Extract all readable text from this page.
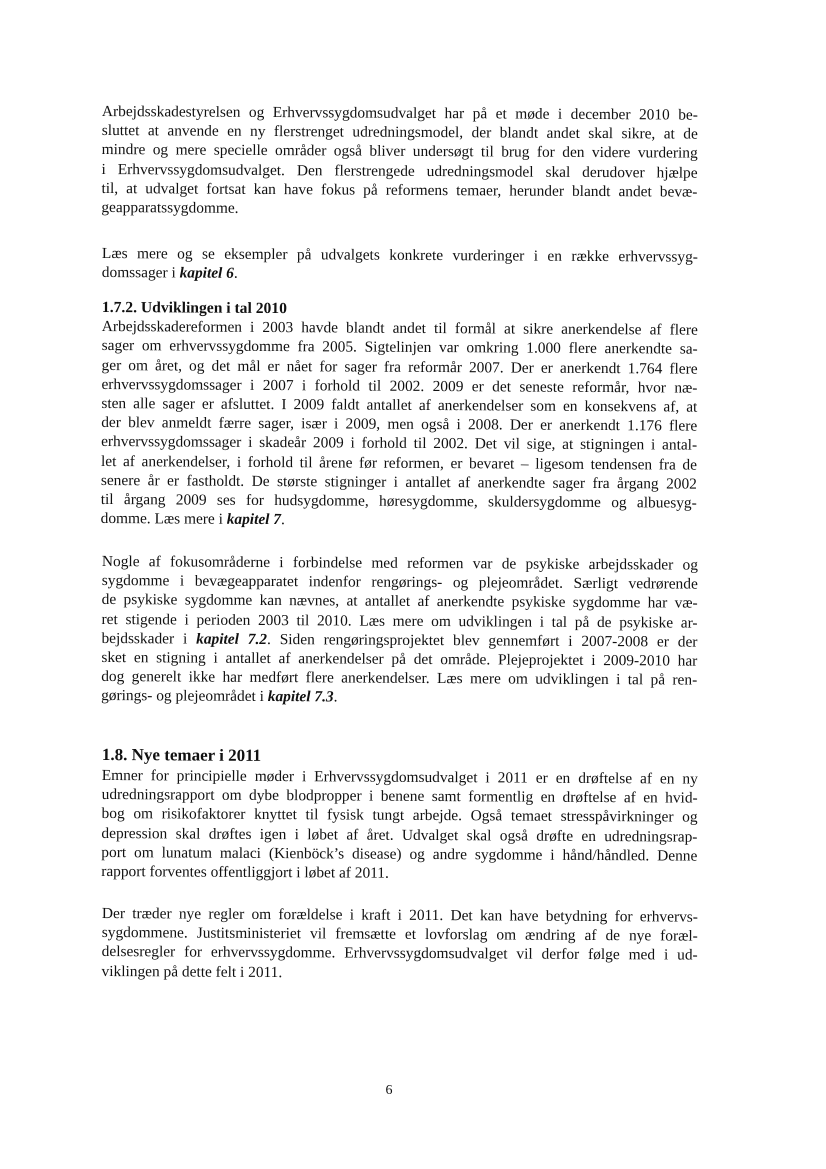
Arbejdsskadestyrelsen og Erhvervssygdomsudvalget har på et møde i december 2010 be-
sluttet at anvende en ny flerstrenget udredningsmodel, der blandt andet skal sikre, at de
mindre og mere specielle områder også bliver undersøgt til brug for den videre vurdering
i Erhvervssygdomsudvalget. Den flerstrengede udredningsmodel skal derudover hjælpe
til, at udvalget fortsat kan have fokus på reformens temaer, herunder blandt andet bevæ-
geapparatssygdomme.
Læs mere og se eksempler på udvalgets konkrete vurderinger i en række erhvervssyg-
domssager i kapitel 6.
1.7.2. Udviklingen i tal 2010
Arbejdsskadereformen i 2003 havde blandt andet til formål at sikre anerkendelse af flere
sager om erhvervssygdomme fra 2005. Sigtelinjen var omkring 1.000 flere anerkendte sa-
ger om året, og det mål er nået for sager fra reformår 2007. Der er anerkendt 1.764 flere
erhvervssygdomssager i 2007 i forhold til 2002. 2009 er det seneste reformår, hvor næ-
sten alle sager er afsluttet. I 2009 faldt antallet af anerkendelser som en konsekvens af, at
der blev anmeldt færre sager, især i 2009, men også i 2008. Der er anerkendt 1.176 flere
erhvervssygdomssager i skadeår 2009 i forhold til 2002. Det vil sige, at stigningen i antal-
let af anerkendelser, i forhold til årene før reformen, er bevaret – ligesom tendensen fra de
senere år er fastholdt. De største stigninger i antallet af anerkendte sager fra årgang 2002
til årgang 2009 ses for hudsygdomme, høresygdomme, skuldersygdomme og albuesyg-
domme. Læs mere i kapitel 7.
Nogle af fokusområderne i forbindelse med reformen var de psykiske arbejdsskader og
sygdomme i bevægeapparatet indenfor rengørings- og plejeområdet. Særligt vedrørende
de psykiske sygdomme kan nævnes, at antallet af anerkendte psykiske sygdomme har væ-
ret stigende i perioden 2003 til 2010. Læs mere om udviklingen i tal på de psykiske ar-
bejdsskader i kapitel 7.2. Siden rengøringsprojektet blev gennemført i 2007-2008 er der
sket en stigning i antallet af anerkendelser på det område. Plejeprojektet i 2009-2010 har
dog generelt ikke har medført flere anerkendelser. Læs mere om udviklingen i tal på ren-
gørings- og plejeområdet i kapitel 7.3.
1.8. Nye temaer i 2011
Emner for principielle møder i Erhvervssygdomsudvalget i 2011 er en drøftelse af en ny
udredningsrapport om dybe blodpropper i benene samt formentlig en drøftelse af en hvid-
bog om risikofaktorer knyttet til fysisk tungt arbejde. Også temaet stresspåvirkninger og
depression skal drøftes igen i løbet af året. Udvalget skal også drøfte en udredningsrap-
port om lunatum malaci (Kienböck’s disease) og andre sygdomme i hånd/håndled. Denne
rapport forventes offentliggjort i løbet af 2011.
Der træder nye regler om forældelse i kraft i 2011. Det kan have betydning for erhvervs-
sygdommene. Justitsministeriet vil fremsætte et lovforslag om ændring af de nye foræl-
delsesregler for erhvervssygdomme. Erhvervssygdomsudvalget vil derfor følge med i ud-
viklingen på dette felt i 2011.
6
